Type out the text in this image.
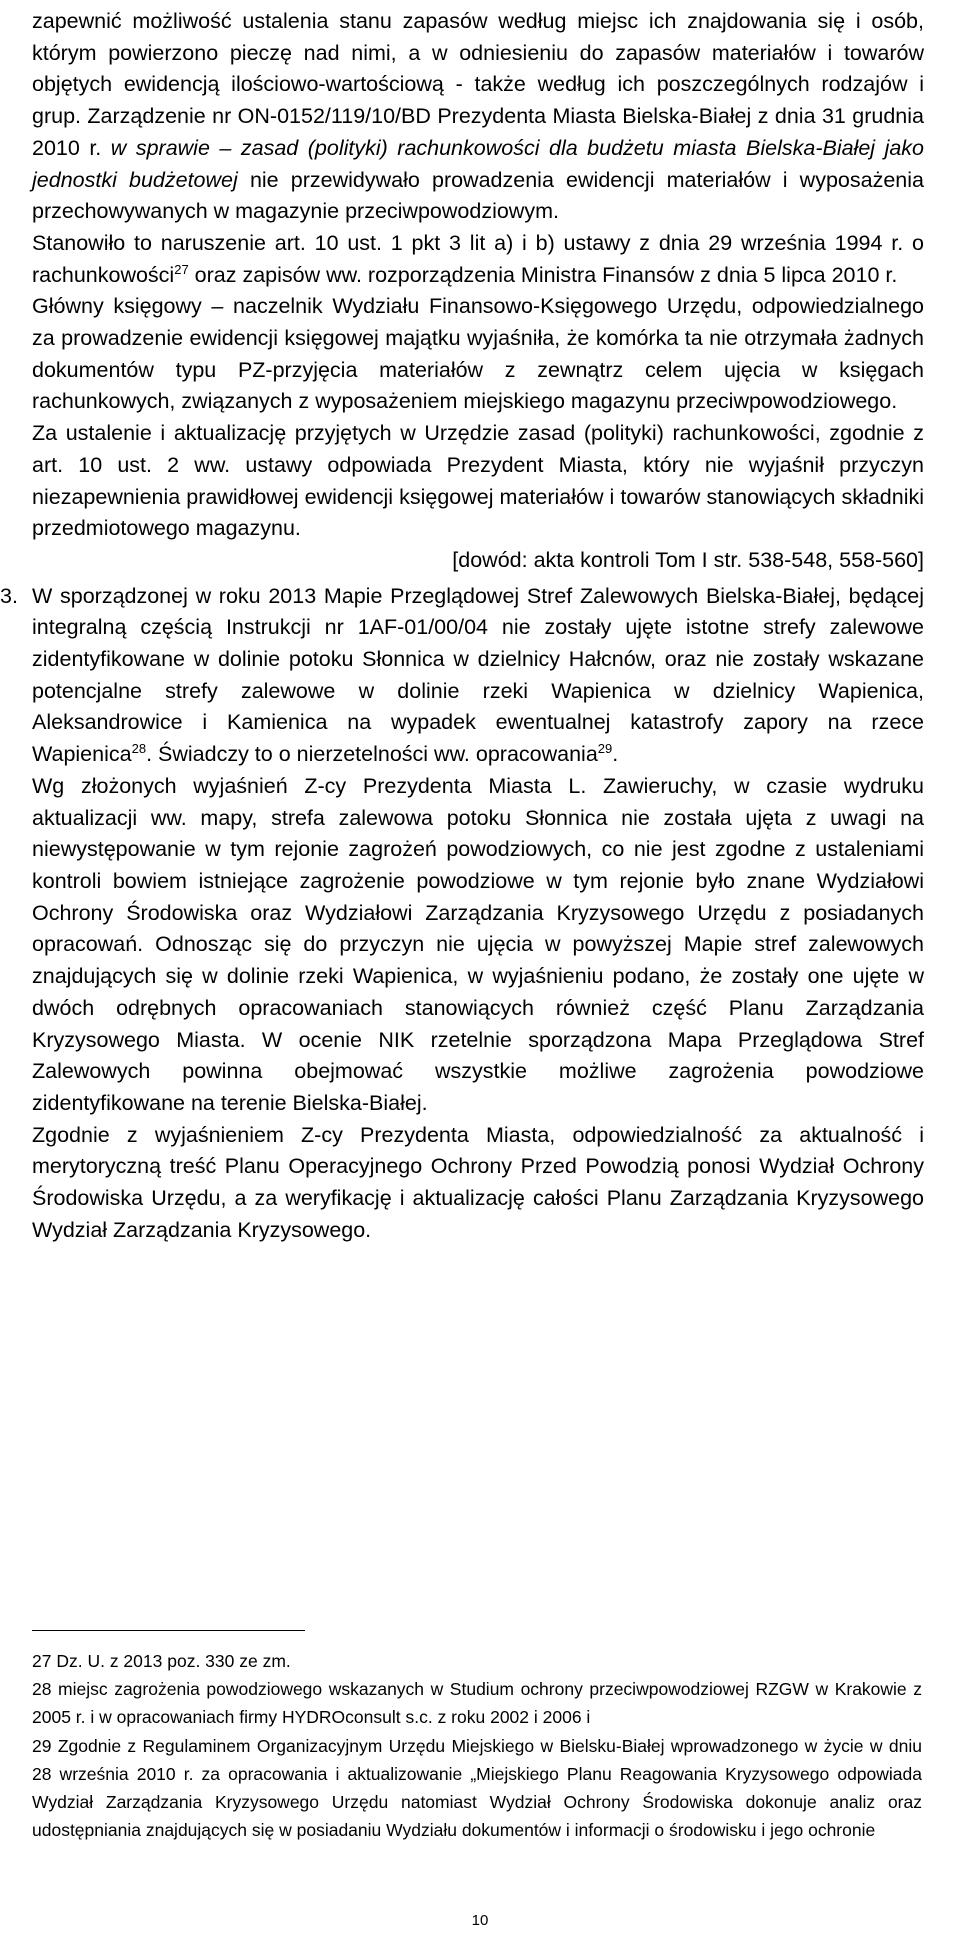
zapewnić możliwość ustalenia stanu zapasów według miejsc ich znajdowania się i osób, którym powierzono pieczę nad nimi, a w odniesieniu do zapasów materiałów i towarów objętych ewidencją ilościowo-wartościową - także według ich poszczególnych rodzajów i grup. Zarządzenie nr ON-0152/119/10/BD Prezydenta Miasta Bielska-Białej z dnia 31 grudnia 2010 r. w sprawie – zasad (polityki) rachunkowości dla budżetu miasta Bielska-Białej jako jednostki budżetowej nie przewidywało prowadzenia ewidencji materiałów i wyposażenia przechowywanych w magazynie przeciwpowodziowym.

Stanowiło to naruszenie art. 10 ust. 1 pkt 3 lit a) i b) ustawy z dnia 29 września 1994 r. o rachunkowości$^{27}$ oraz zapisów ww. rozporządzenia Ministra Finansów z dnia 5 lipca 2010 r.

Główny księgowy – naczelnik Wydziału Finansowo-Księgowego Urzędu, odpowiedzialnego za prowadzenie ewidencji księgowej majątku wyjaśniła, że komórka ta nie otrzymała żadnych dokumentów typu PZ-przyjęcia materiałów z zewnątrz celem ujęcia w księgach rachunkowych, związanych z wyposażeniem miejskiego magazynu przeciwpowodziowego.

Za ustalenie i aktualizację przyjętych w Urzędzie zasad (polityki) rachunkowości, zgodnie z art. 10 ust. 2 ww. ustawy odpowiada Prezydent Miasta, który nie wyjaśnił przyczyn niezapewnienia prawidłowej ewidencji księgowej materiałów i towarów stanowiących składniki przedmiotowego magazynu.

[dowód: akta kontroli Tom I str. 538-548, 558-560]

3. W sporządzonej w roku 2013 Mapie Przeglądowej Stref Zalewowych Bielska-Białej, będącej integralną częścią Instrukcji nr 1AF-01/00/04 nie zostały ujęte istotne strefy zalewowe zidentyfikowane w dolinie potoku Słonnica w dzielnicy Hałcnów, oraz nie zostały wskazane potencjalne strefy zalewowe w dolinie rzeki Wapienica w dzielnicy Wapienica, Aleksandrowice i Kamienica na wypadek ewentualnej katastrofy zapory na rzece Wapienica$^{28}$. Świadczy to o nierzetelności ww. opracowania$^{29}$.

Wg złożonych wyjaśnień Z-cy Prezydenta Miasta L. Zawieruchy, w czasie wydruku aktualizacji ww. mapy, strefa zalewowa potoku Słonnica nie została ujęta z uwagi na niewystępowanie w tym rejonie zagrożeń powodziowych, co nie jest zgodne z ustaleniami kontroli bowiem istniejące zagrożenie powodziowe w tym rejonie było znane Wydziałowi Ochrony Środowiska oraz Wydziałowi Zarządzania Kryzysowego Urzędu z posiadanych opracowań. Odnosząc się do przyczyn nie ujęcia w powyższej Mapie stref zalewowych znajdujących się w dolinie rzeki Wapienica, w wyjaśnieniu podano, że zostały one ujęte w dwóch odrębnych opracowaniach stanowiących również część Planu Zarządzania Kryzysowego Miasta. W ocenie NIK rzetelnie sporządzona Mapa Przeglądowa Stref Zalewowych powinna obejmować wszystkie możliwe zagrożenia powodziowe zidentyfikowane na terenie Bielska-Białej.

Zgodnie z wyjaśnieniem Z-cy Prezydenta Miasta, odpowiedzialność za aktualność i merytoryczną treść Planu Operacyjnego Ochrony Przed Powodzią ponosi Wydział Ochrony Środowiska Urzędu, a za weryfikację i aktualizację całości Planu Zarządzania Kryzysowego Wydział Zarządzania Kryzysowego.

27 Dz. U. z 2013 poz. 330 ze zm.

28 miejsc zagrożenia powodziowego wskazanych w Studium ochrony przeciwpowodziowej RZGW w Krakowie z 2005 r. i w opracowaniach firmy HYDROconsult s.c. z roku 2002 i 2006 i

29 Zgodnie z Regulaminem Organizacyjnym Urzędu Miejskiego w Bielsku-Białej wprowadzonego w życie w dniu 28 września 2010 r. za opracowania i aktualizowanie „Miejskiego Planu Reagowania Kryzysowego odpowiada Wydział Zarządzania Kryzysowego Urzędu natomiast Wydział Ochrony Środowiska dokonuje analiz oraz udostępniania znajdujących się w posiadaniu Wydziału dokumentów i informacji o środowisku i jego ochronie

10
